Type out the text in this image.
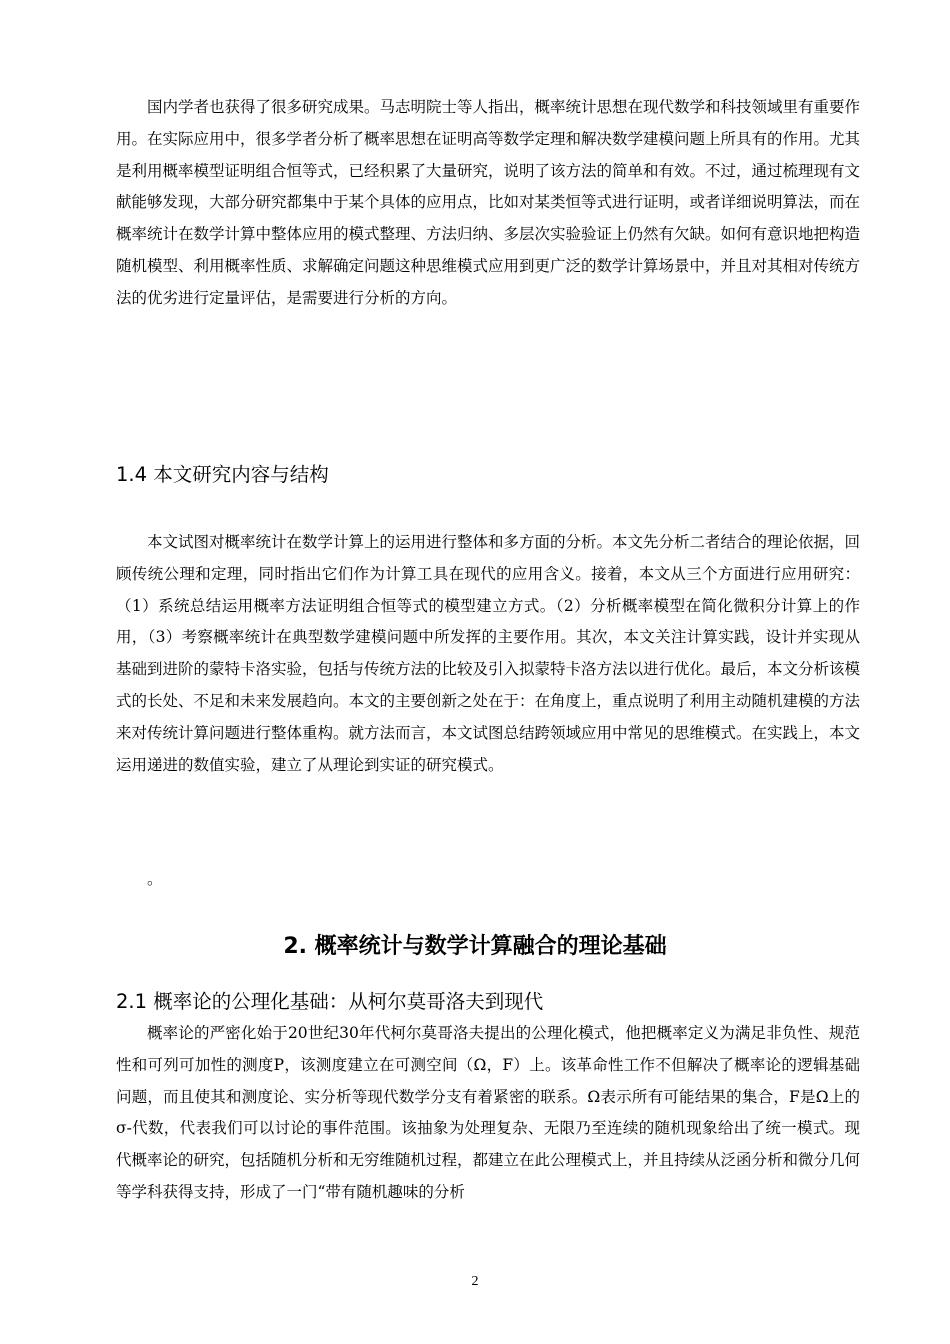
国内学者也获得了很多研究成果。马志明院士等人指出，概率统计思想在现代数学和科技领域里有重要作用。在实际应用中，很多学者分析了概率思想在证明高等数学定理和解决数学建模问题上所具有的作用。尤其是利用概率模型证明组合恒等式，已经积累了大量研究，说明了该方法的简单和有效。不过，通过梳理现有文献能够发现，大部分研究都集中于某个具体的应用点，比如对某类恒等式进行证明，或者详细说明算法，而在概率统计在数学计算中整体应用的模式整理、方法归纳、多层次实验验证上仍然有欠缺。如何有意识地把构造随机模型、利用概率性质、求解确定问题这种思维模式应用到更广泛的数学计算场景中，并且对其相对传统方法的优劣进行定量评估，是需要进行分析的方向。

1.4 本文研究内容与结构

本文试图对概率统计在数学计算上的运用进行整体和多方面的分析。本文先分析二者结合的理论依据，回顾传统公理和定理，同时指出它们作为计算工具在现代的应用含义。接着，本文从三个方面进行应用研究：（1）系统总结运用概率方法证明组合恒等式的模型建立方式。（2）分析概率模型在简化微积分计算上的作用，（3）考察概率统计在典型数学建模问题中所发挥的主要作用。其次，本文关注计算实践，设计并实现从基础到进阶的蒙特卡洛实验，包括与传统方法的比较及引入拟蒙特卡洛方法以进行优化。最后，本文分析该模式的长处、不足和未来发展趋向。本文的主要创新之处在于：在角度上，重点说明了利用主动随机建模的方法来对传统计算问题进行整体重构。就方法而言，本文试图总结跨领域应用中常见的思维模式。在实践上，本文运用递进的数值实验，建立了从理论到实证的研究模式。

。
2. 概率统计与数学计算融合的理论基础
2.1 概率论的公理化基础：从柯尔莫哥洛夫到现代

概率论的严密化始于20世纪30年代柯尔莫哥洛夫提出的公理化模式，他把概率定义为满足非负性、规范性和可列可加性的测度P，该测度建立在可测空间（Ω，F）上。该革命性工作不但解决了概率论的逻辑基础问题，而且使其和测度论、实分析等现代数学分支有着紧密的联系。Ω表示所有可能结果的集合，F是Ω上的σ-代数，代表我们可以讨论的事件范围。该抽象为处理复杂、无限乃至连续的随机现象给出了统一模式。现代概率论的研究，包括随机分析和无穷维随机过程，都建立在此公理模式上，并且持续从泛函分析和微分几何等学科获得支持，形成了一门“带有随机趣味的分析

2
